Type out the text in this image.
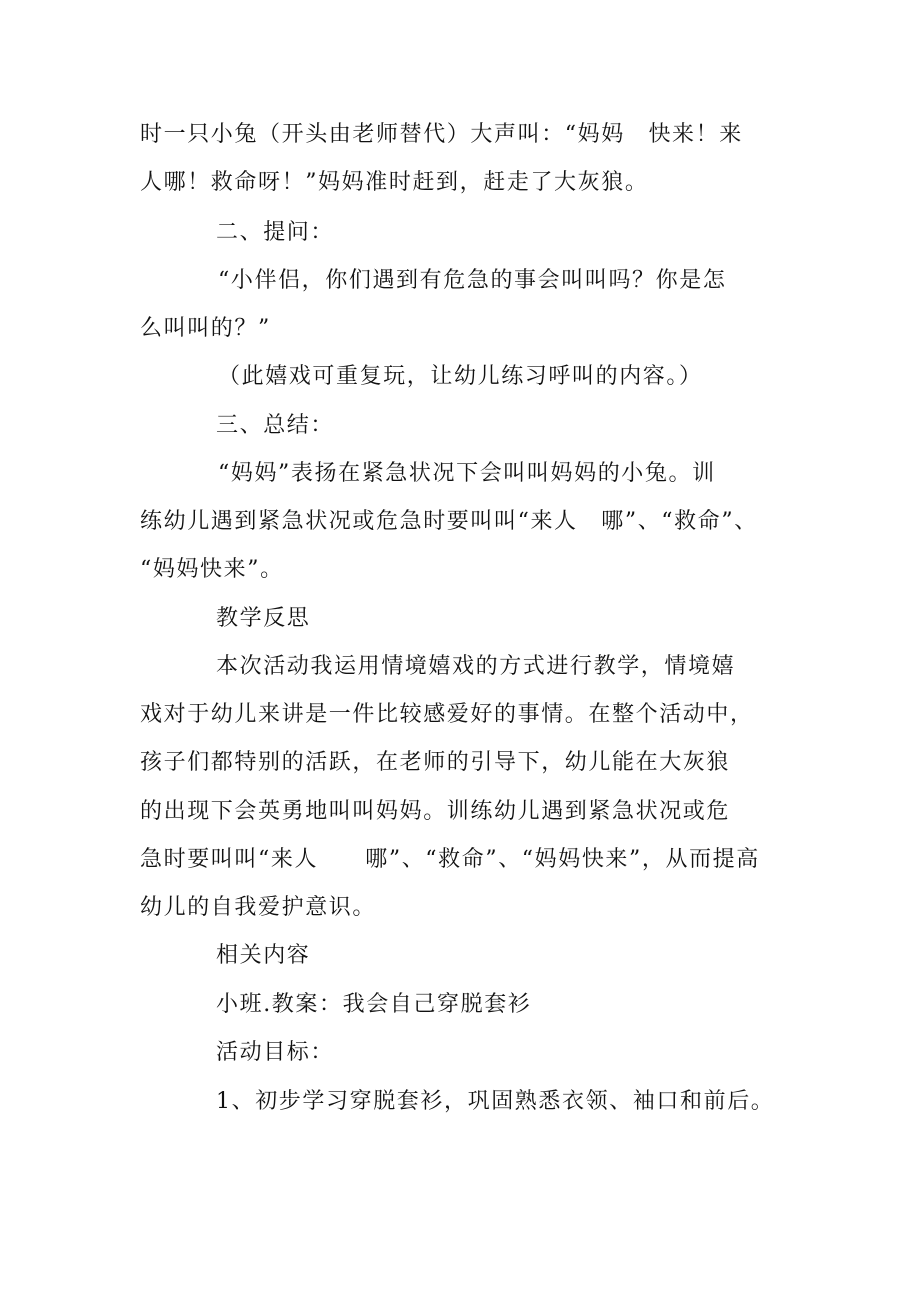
时一只小兔（开头由老师替代）大声叫：“妈妈　快来！来
人哪！救命呀！”妈妈准时赶到，赶走了大灰狼。
二、提问：
“小伴侣，你们遇到有危急的事会叫叫吗？你是怎
么叫叫的？”
（此嬉戏可重复玩，让幼儿练习呼叫的内容。）
三、总结：
“妈妈”表扬在紧急状况下会叫叫妈妈的小兔。训
练幼儿遇到紧急状况或危急时要叫叫“来人　哪”、“救命”、
“妈妈快来”。
教学反思
本次活动我运用情境嬉戏的方式进行教学，情境嬉
戏对于幼儿来讲是一件比较感爱好的事情。在整个活动中，
孩子们都特别的活跃，在老师的引导下，幼儿能在大灰狼
的出现下会英勇地叫叫妈妈。训练幼儿遇到紧急状况或危
急时要叫叫“来人　　哪”、“救命”、“妈妈快来”，从而提高
幼儿的自我爱护意识。
相关内容
小班.教案：我会自己穿脱套衫
活动目标：
1、初步学习穿脱套衫，巩固熟悉衣领、袖口和前后。
